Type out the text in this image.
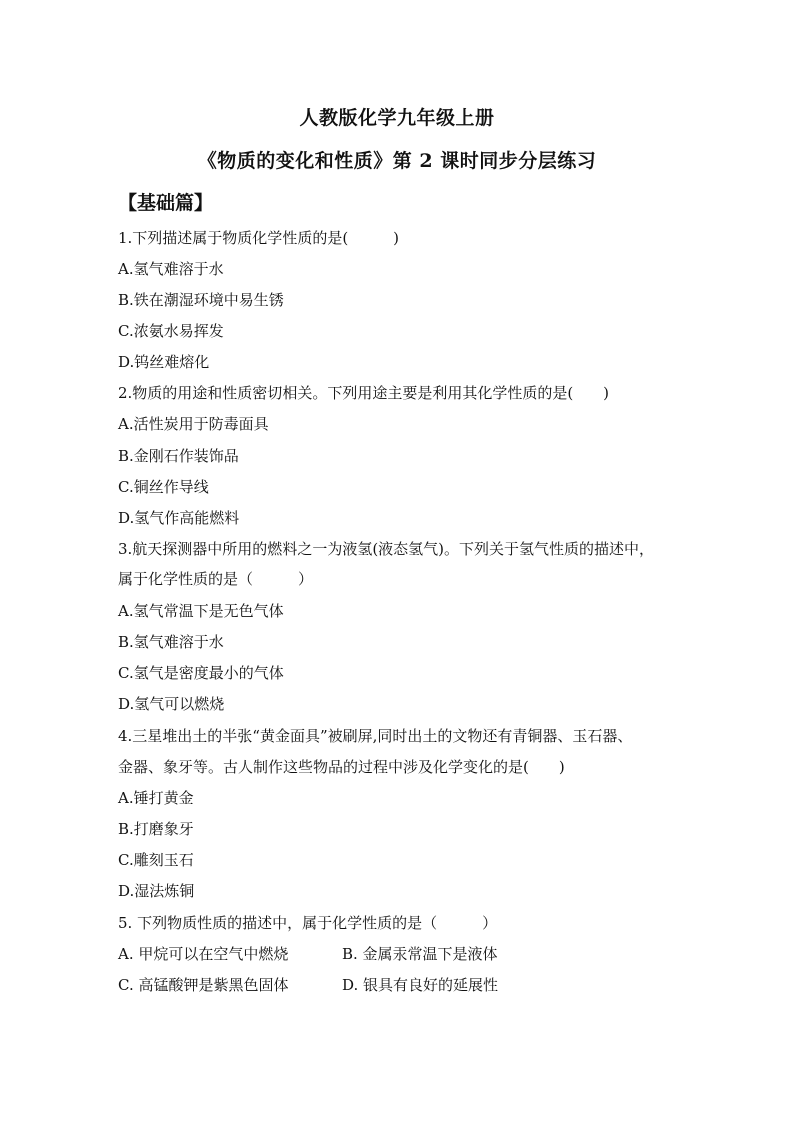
人教版化学九年级上册
《物质的变化和性质》第 2 课时同步分层练习
【基础篇】
1.下列描述属于物质化学性质的是(　　　)
A.氢气难溶于水
B.铁在潮湿环境中易生锈
C.浓氨水易挥发
D.钨丝难熔化
2.物质的用途和性质密切相关。下列用途主要是利用其化学性质的是(　　)
A.活性炭用于防毒面具
B.金刚石作装饰品
C.铜丝作导线
D.氢气作高能燃料
3.航天探测器中所用的燃料之一为液氢(液态氢气)。下列关于氢气性质的描述中，
属于化学性质的是（　　　）
A.氢气常温下是无色气体
B.氢气难溶于水
C.氢气是密度最小的气体
D.氢气可以燃烧
4.三星堆出土的半张“黄金面具”被刷屏,同时出土的文物还有青铜器、玉石器、
金器、象牙等。古人制作这些物品的过程中涉及化学变化的是(　　)
A.锤打黄金
B.打磨象牙
C.雕刻玉石
D.湿法炼铜
5. 下列物质性质的描述中，属于化学性质的是（　　　）
A. 甲烷可以在空气中燃烧	B. 金属汞常温下是液体
C. 高锰酸钾是紫黑色固体	D. 银具有良好的延展性
